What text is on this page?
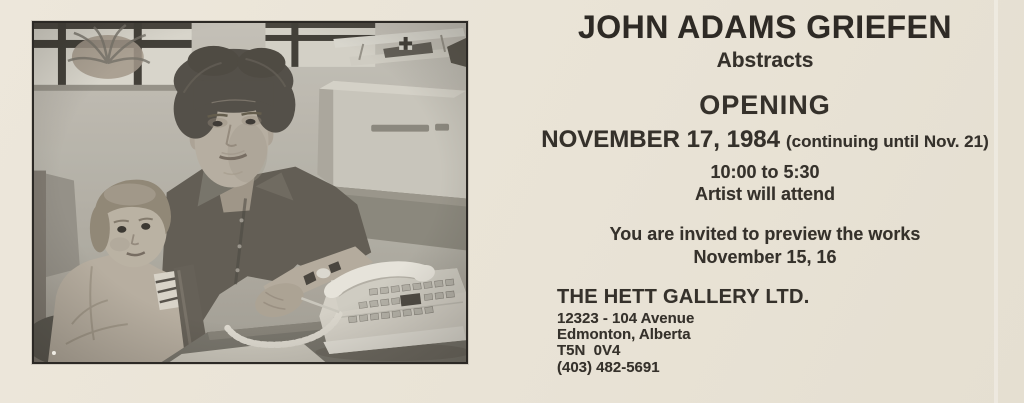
JOHN ADAMS GRIEFEN
Abstracts
OPENING
NOVEMBER 17, 1984 (continuing until Nov. 21)
10:00 to 5:30
Artist will attend
You are invited to preview the works
November 15, 16
THE HETT GALLERY LTD.
12323 - 104 Avenue
Edmonton, Alberta
T5N  0V4
(403) 482-5691
